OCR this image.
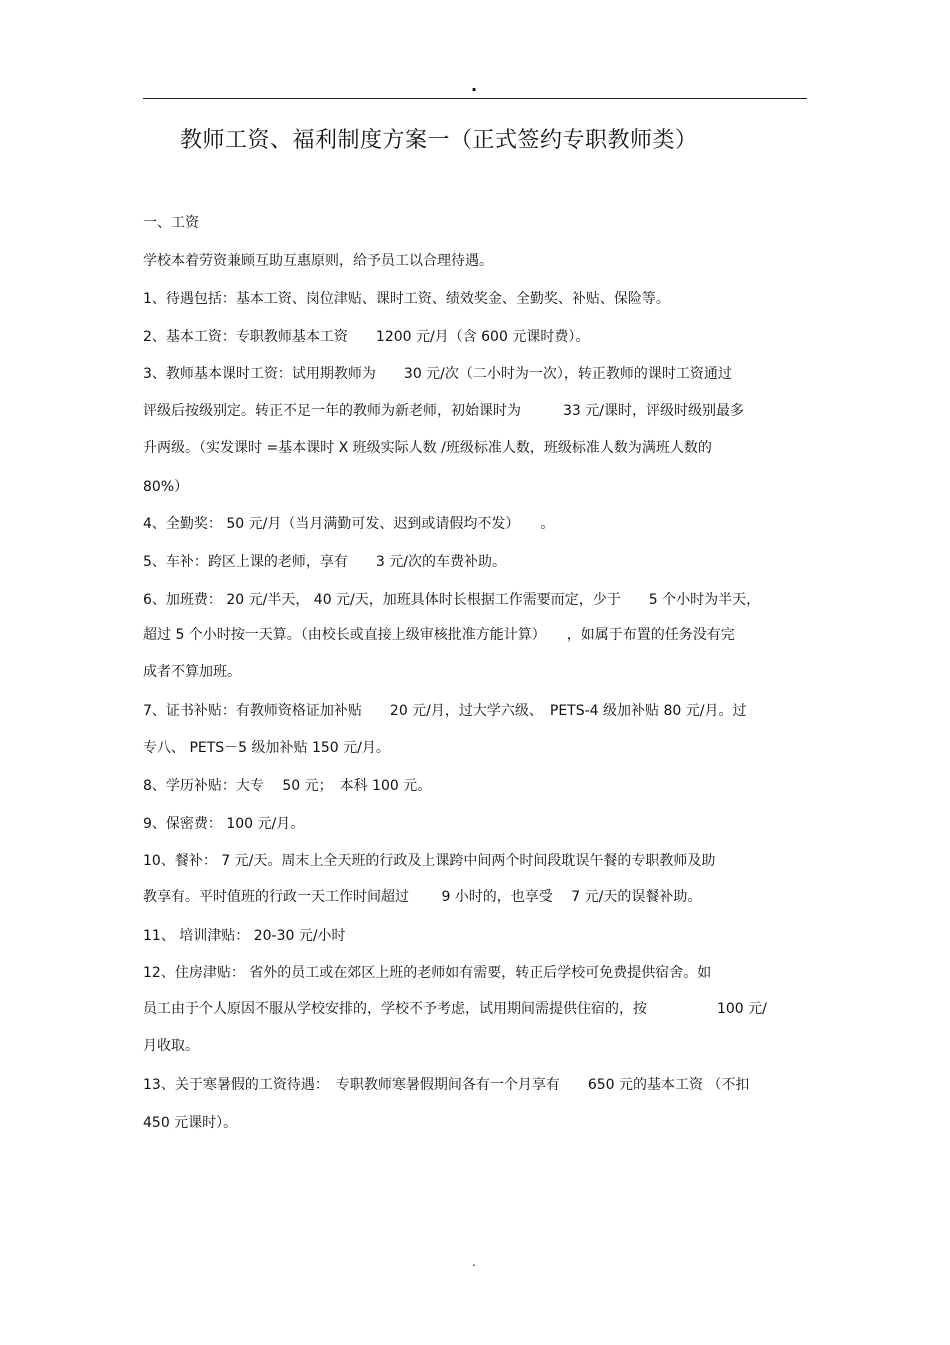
.
教师工资、福利制度方案一（正式签约专职教师类）
一、工资
学校本着劳资兼顾互助互惠原则，给予员工以合理待遇。
1、待遇包括：基本工资、岗位津贴、课时工资、绩效奖金、全勤奖、补贴、保险等。
2、基本工资：专职教师基本工资　　1200 元/月（含 600 元课时费）。
3、教师基本课时工资：试用期教师为　　30 元/次（二小时为一次），转正教师的课时工资通过
评级后按级别定。转正不足一年的教师为新老师，初始课时为　　　33 元/课时，评级时级别最多
升两级。（实发课时 =基本课时 X 班级实际人数 /班级标准人数，班级标准人数为满班人数的
80%）
4、全勤奖： 50 元/月（当月满勤可发、迟到或请假均不发）　　。
5、车补：跨区上课的老师，享有　　3 元/次的车费补助。
6、加班费： 20 元/半天， 40 元/天，加班具体时长根据工作需要而定，少于　　5 个小时为半天，
超过 5 个小时按一天算。（由校长或直接上级审核批准方能计算）　　，如属于布置的任务没有完
成者不算加班。
7、证书补贴：有教师资格证加补贴　　20 元/月，过大学六级、　PETS-4 级加补贴 80 元/月。过
专八、 PETS－5 级加补贴 150 元/月。
8、学历补贴：大专　 50 元；　本科 100 元。
9、保密费： 100 元/月。
10、餐补： 7 元/天。周末上全天班的行政及上课跨中间两个时间段耽误午餐的专职教师及助
教享有。平时值班的行政一天工作时间超过　　 9 小时的，也享受　 7 元/天的误餐补助。
11、 培训津贴： 20-30 元/小时
12、住房津贴： 省外的员工或在郊区上班的老师如有需要，转正后学校可免费提供宿舍。如
员工由于个人原因不服从学校安排的，学校不予考虑，试用期间需提供住宿的，按　　　　　100 元/
月收取。
13、关于寒暑假的工资待遇：　专职教师寒暑假期间各有一个月享有　　650 元的基本工资 （不扣
450 元课时）。
.
